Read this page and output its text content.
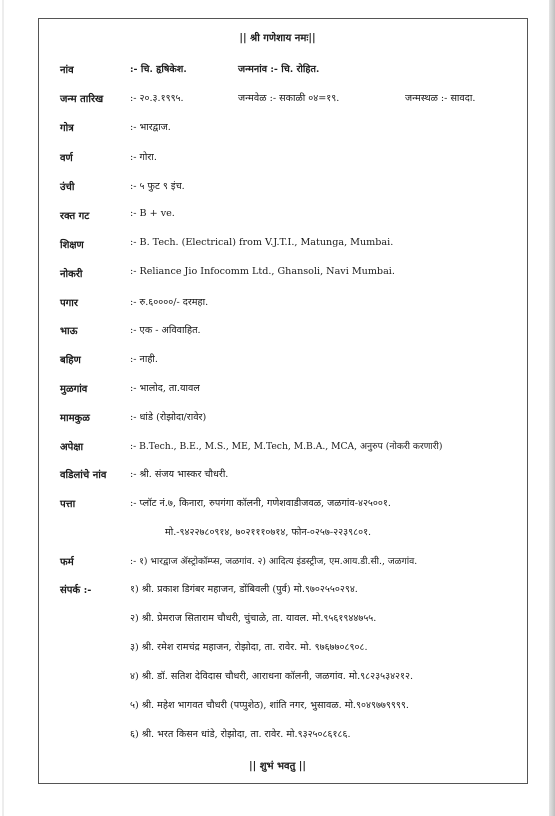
|| श्री गणेशाय नमः||
नांव	:- चि. हृषिकेश.	जन्मनांव :- चि. रोहित.
जन्म तारिख	:- २०.३.१९९५.	जन्मवेळ :- सकाळी ०४=१९.	जन्मस्थळ :- सावदा.
गोत्र	:- भारद्वाज.
वर्ण	:- गोरा.
उंची	:- ५ फुट ९ इंच.
रक्त गट	:- B + ve.
शिक्षण	:- B. Tech. (Electrical) from V.J.T.I., Matunga, Mumbai.
नोकरी	:- Reliance Jio Infocomm Ltd., Ghansoli, Navi Mumbai.
पगार	:- रु.६००००/- दरमहा.
भाऊ	:- एक - अविवाहित.
बहिण	:- नाही.
मुळगांव	:- भालोद, ता.यावल
मामकुळ	:- धांडे (रोझोदा/रावेर)
अपेक्षा	:- B.Tech., B.E., M.S., ME, M.Tech, M.B.A., MCA, अनुरुप (नोकरी करणारी)
वडिलांचे नांव :- श्री. संजय भास्कर चौधरी.
पत्ता	:- प्लॉट नं.७, किनारा, रुपगंगा कॉलनी, गणेशवाडीजवळ, जळगांव-४२५००१.
मो.-९४२२७८०९१४, ७०२१११०७१४, फोन-०२५७-२२३९८०१.
फर्म	:- १) भारद्वाज ॲस्ट्रोकॉम्प्स, जळगांव. २) आदित्य इंडस्ट्रीज, एम.आय.डी.सी., जळगांव.
संपर्क :-	१) श्री. प्रकाश डिगंबर महाजन, डोंबिवली (पुर्व) मो.९७०२५५०२९४.
२) श्री. प्रेमराज सिताराम चौधरी, चुंचाळे, ता. यावल. मो.९५६१९४४७५५.
३) श्री. रमेश रामचंद्र महाजन, रोझोदा, ता. रावेर. मो. ९७६७७०८९०८.
४) श्री. डॉ. सतिश देविदास चौधरी, आराधना कॉलनी, जळगांव. मो.९८२३५३४२१२.
५) श्री. महेश भागवत चौधरी (पप्पुशेठ), शांति नगर, भुसावळ. मो.९०४९७७९९९९.
६) श्री. भरत किसन धांडे, रोझोदा, ता. रावेर. मो.९३२५०८६१८६.
|| शुभं भवतु ||
